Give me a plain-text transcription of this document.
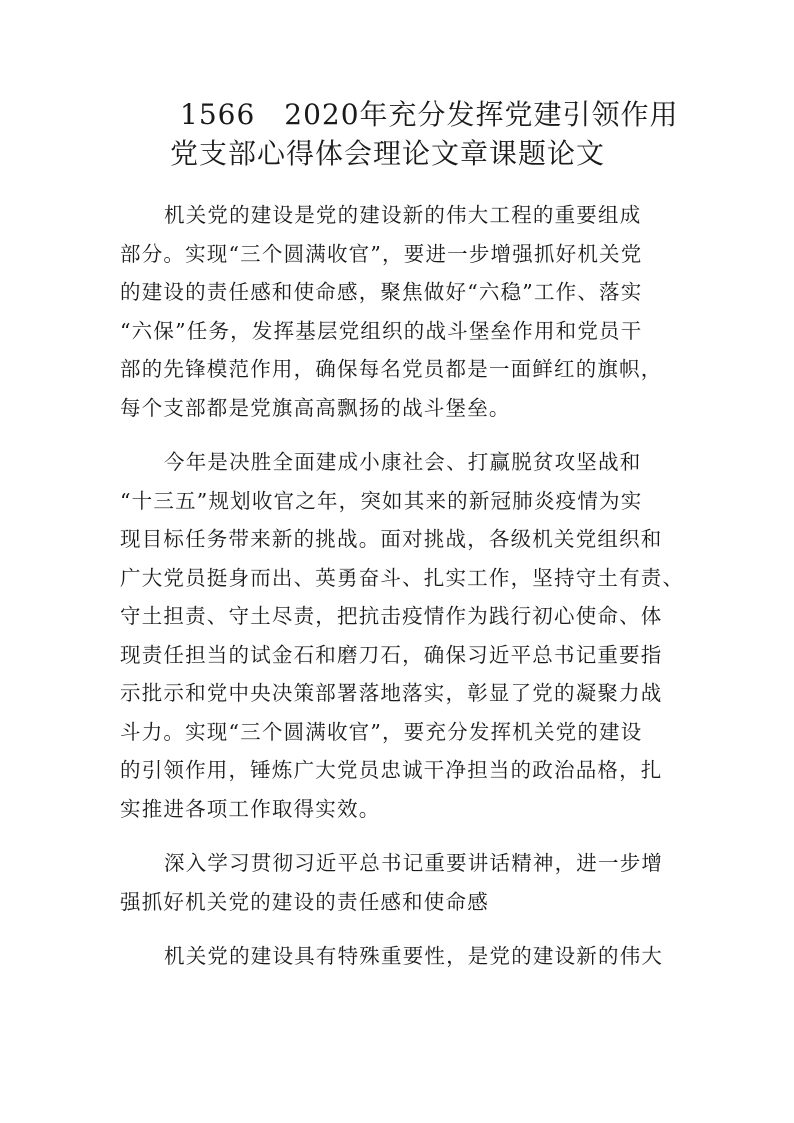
1566　2020年充分发挥党建引领作用
党支部心得体会理论文章课题论文
机关党的建设是党的建设新的伟大工程的重要组成
部分。实现“三个圆满收官”，要进一步增强抓好机关党
的建设的责任感和使命感，聚焦做好“六稳”工作、落实
“六保”任务，发挥基层党组织的战斗堡垒作用和党员干
部的先锋模范作用，确保每名党员都是一面鲜红的旗帜，
每个支部都是党旗高高飘扬的战斗堡垒。
今年是决胜全面建成小康社会、打赢脱贫攻坚战和
“十三五”规划收官之年，突如其来的新冠肺炎疫情为实
现目标任务带来新的挑战。面对挑战，各级机关党组织和
广大党员挺身而出、英勇奋斗、扎实工作，坚持守土有责、
守土担责、守土尽责，把抗击疫情作为践行初心使命、体
现责任担当的试金石和磨刀石，确保习近平总书记重要指
示批示和党中央决策部署落地落实，彰显了党的凝聚力战
斗力。实现“三个圆满收官”，要充分发挥机关党的建设
的引领作用，锤炼广大党员忠诚干净担当的政治品格，扎
实推进各项工作取得实效。
深入学习贯彻习近平总书记重要讲话精神，进一步增
强抓好机关党的建设的责任感和使命感
机关党的建设具有特殊重要性，是党的建设新的伟大
